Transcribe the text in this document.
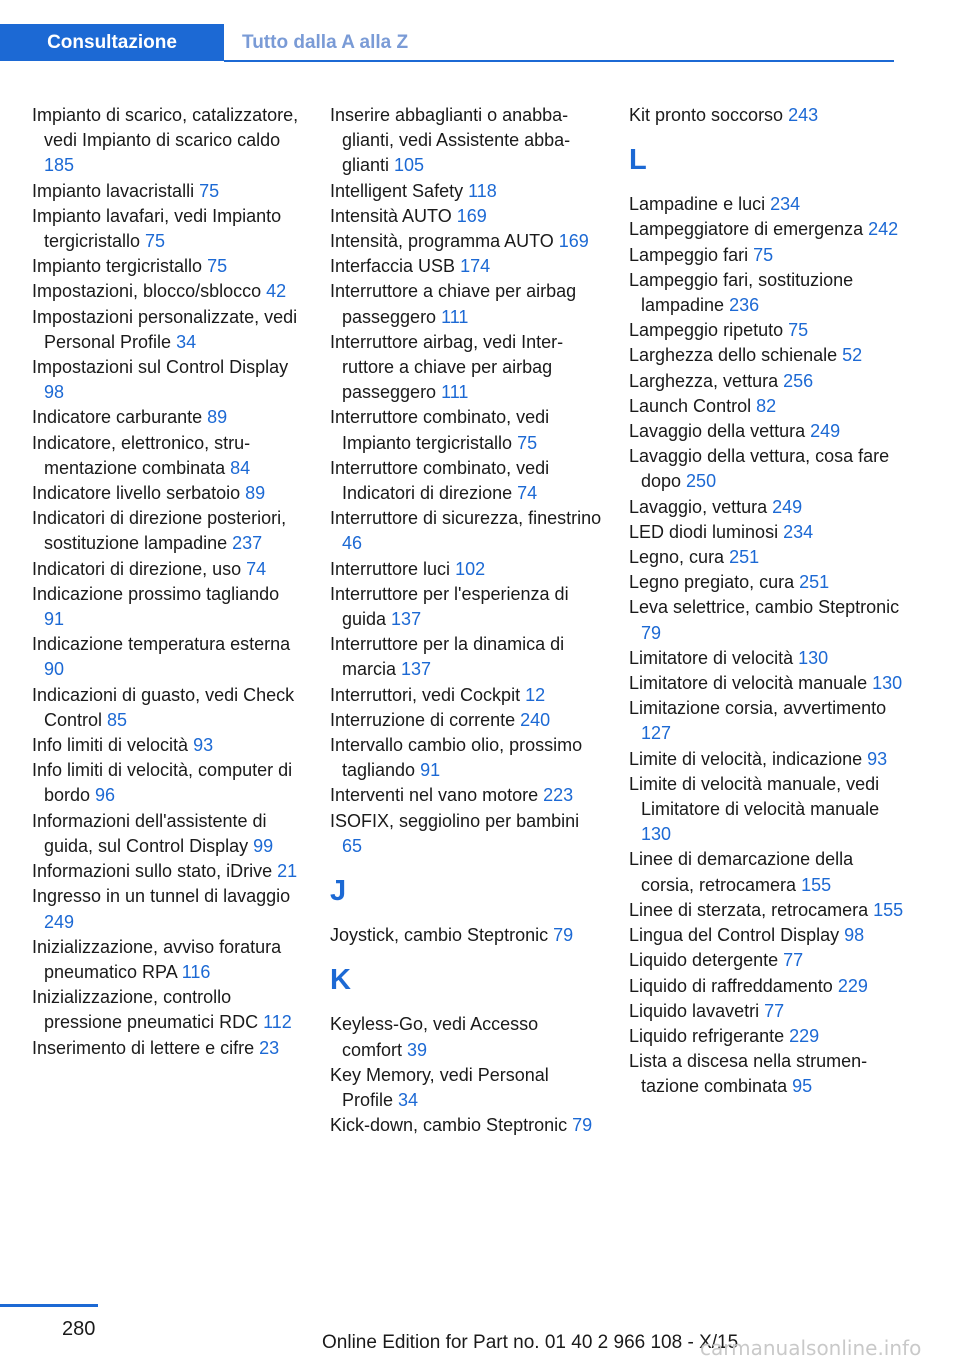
Consultazione	Tutto dalla A alla Z
Impianto di scarico, catalizzatore, vedi Impianto di scarico caldo 185
Impianto lavacristalli 75
Impianto lavafari, vedi Impianto tergicristallo 75
Impianto tergicristallo 75
Impostazioni, blocco/sblocco 42
Impostazioni personalizzate, vedi Personal Profile 34
Impostazioni sul Control Display 98
Indicatore carburante 89
Indicatore, elettronico, strumentazione combinata 84
Indicatore livello serbatoio 89
Indicatori di direzione posteriori, sostituzione lampadine 237
Indicatori di direzione, uso 74
Indicazione prossimo tagliando 91
Indicazione temperatura esterna 90
Indicazioni di guasto, vedi Check Control 85
Info limiti di velocità 93
Info limiti di velocità, computer di bordo 96
Informazioni dell'assistente di guida, sul Control Display 99
Informazioni sullo stato, iDrive 21
Ingresso in un tunnel di lavaggio 249
Inizializzazione, avviso foratura pneumatico RPA 116
Inizializzazione, controllo pressione pneumatici RDC 112
Inserimento di lettere e cifre 23
Inserire abbaglianti o anabbaglianti, vedi Assistente abbaglianti 105
Intelligent Safety 118
Intensità AUTO 169
Intensità, programma AUTO 169
Interfaccia USB 174
Interruttore a chiave per airbag passeggero 111
Interruttore airbag, vedi Interruttore a chiave per airbag passeggero 111
Interruttore combinato, vedi Impianto tergicristallo 75
Interruttore combinato, vedi Indicatori di direzione 74
Interruttore di sicurezza, finestrino 46
Interruttore luci 102
Interruttore per l'esperienza di guida 137
Interruttore per la dinamica di marcia 137
Interruttori, vedi Cockpit 12
Interruzione di corrente 240
Intervallo cambio olio, prossimo tagliando 91
Interventi nel vano motore 223
ISOFIX, seggiolino per bambini 65
J
Joystick, cambio Steptronic 79
K
Keyless-Go, vedi Accesso comfort 39
Key Memory, vedi Personal Profile 34
Kick-down, cambio Steptronic 79
Kit pronto soccorso 243
L
Lampadine e luci 234
Lampeggiatore di emergenza 242
Lampeggio fari 75
Lampeggio fari, sostituzione lampadine 236
Lampeggio ripetuto 75
Larghezza dello schienale 52
Larghezza, vettura 256
Launch Control 82
Lavaggio della vettura 249
Lavaggio della vettura, cosa fare dopo 250
Lavaggio, vettura 249
LED diodi luminosi 234
Legno, cura 251
Legno pregiato, cura 251
Leva selettrice, cambio Steptronic 79
Limitatore di velocità 130
Limitatore di velocità manuale 130
Limitazione corsia, avvertimento 127
Limite di velocità, indicazione 93
Limite di velocità manuale, vedi Limitatore di velocità manuale 130
Linee di demarcazione della corsia, retrocamera 155
Linee di sterzata, retrocamera 155
Lingua del Control Display 98
Liquido detergente 77
Liquido di raffreddamento 229
Liquido lavavetri 77
Liquido refrigerante 229
Lista a discesa nella strumentazione combinata 95
280
Online Edition for Part no. 01 40 2 966 108 - X/15
carmanualsonline.info
